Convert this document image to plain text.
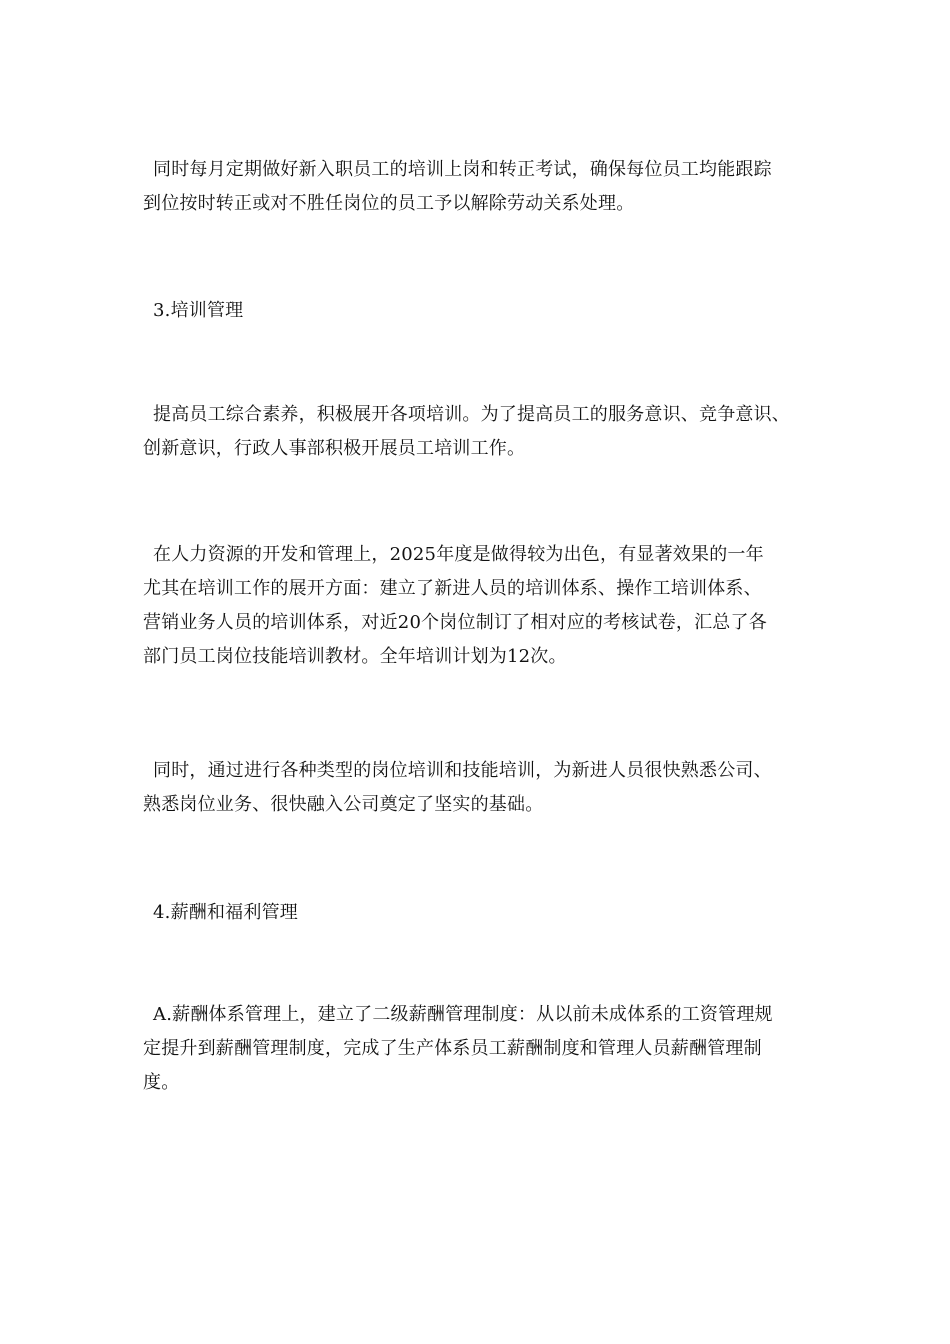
同时每月定期做好新入职员工的培训上岗和转正考试，确保每位员工均能跟踪
到位按时转正或对不胜任岗位的员工予以解除劳动关系处理。
3.培训管理
提高员工综合素养，积极展开各项培训。为了提高员工的服务意识、竞争意识、
创新意识，行政人事部积极开展员工培训工作。
在人力资源的开发和管理上，2025年度是做得较为出色，有显著效果的一年
尤其在培训工作的展开方面：建立了新进人员的培训体系、操作工培训体系、
营销业务人员的培训体系，对近20个岗位制订了相对应的考核试卷，汇总了各
部门员工岗位技能培训教材。全年培训计划为12次。
同时，通过进行各种类型的岗位培训和技能培训，为新进人员很快熟悉公司、
熟悉岗位业务、很快融入公司奠定了坚实的基础。
4.薪酬和福利管理
A.薪酬体系管理上，建立了二级薪酬管理制度：从以前未成体系的工资管理规
定提升到薪酬管理制度，完成了生产体系员工薪酬制度和管理人员薪酬管理制
度。
